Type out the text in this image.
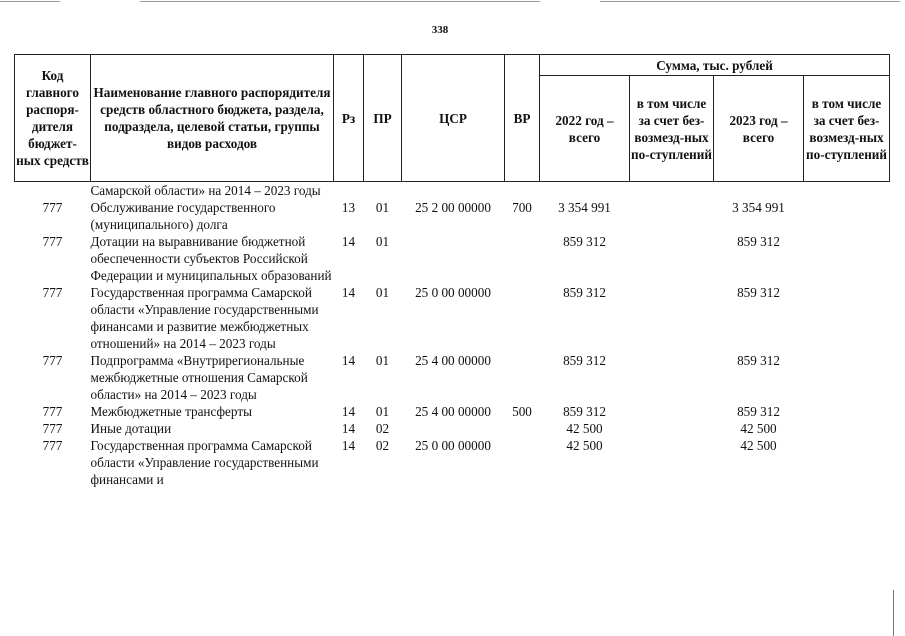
338
Код главного распоря-дителя бюджет-ных средств	Наименование главного распорядителя средств областного бюджета, раздела, подраздела, целевой статьи, группы видов расходов	Рз	ПР	ЦСР	ВР	Сумма, тыс. рублей			
						2022 год – всего	в том числе за счет без-возмезд-ных по-ступлений	2023 год – всего	в том числе за счет без-возмезд-ных по-ступлений
	Самарской области» на 2014 – 2023 годы								
777	Обслуживание государственного (муниципального) долга	13	01	25 2 00 00000	700	3 354 991		3 354 991	
777	Дотации на выравнивание бюджетной обеспеченности субъектов Российской Федерации и муниципальных образований	14	01			859 312		859 312	
777	Государственная программа Самарской области «Управление государственными финансами и развитие межбюджетных отношений» на 2014 – 2023 годы	14	01	25 0 00 00000		859 312		859 312	
777	Подпрограмма «Внутрирегиональные межбюджетные отношения Самарской области» на 2014 – 2023 годы	14	01	25 4 00 00000		859 312		859 312	
777	Межбюджетные трансферты	14	01	25 4 00 00000	500	859 312		859 312	
777	Иные дотации	14	02			42 500		42 500	
777	Государственная программа Самарской области «Управление государственными финансами и	14	02	25 0 00 00000		42 500		42 500	
